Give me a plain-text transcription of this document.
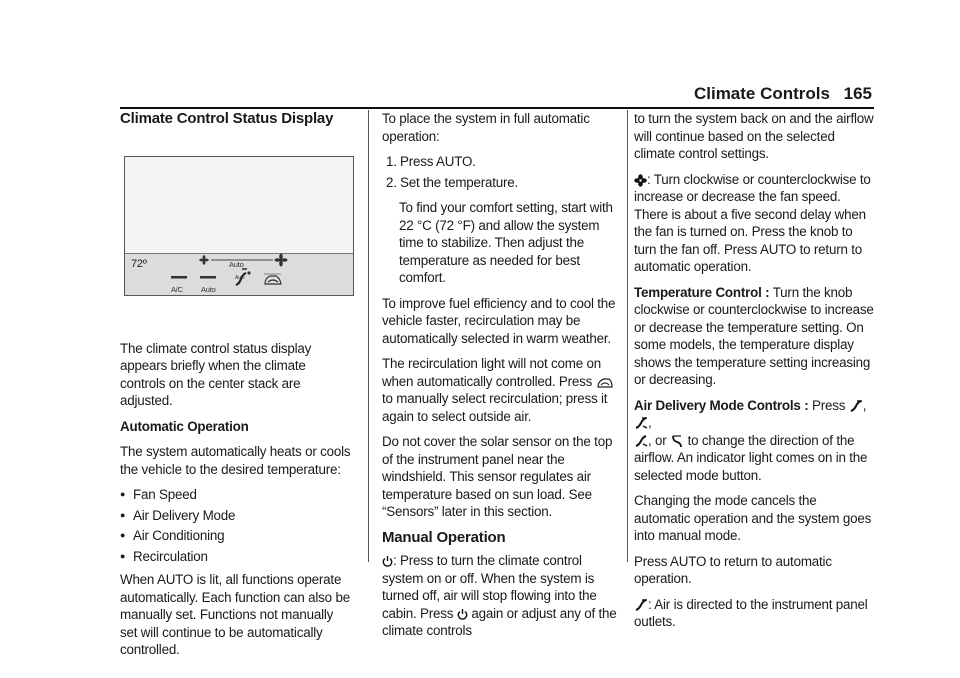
Climate Controls 165
Climate Control Status Display
72º
A/C Auto
Auto
Auto

The climate control status display appears briefly when the climate controls on the center stack are adjusted.

Automatic Operation

The system automatically heats or cools the vehicle to the desired temperature:

● Fan Speed
● Air Delivery Mode
● Air Conditioning
● Recirculation

When AUTO is lit, all functions operate automatically. Each function can also be manually set. Functions not manually set will continue to be automatically controlled.

To place the system in full automatic operation:

1. Press AUTO.
2. Set the temperature.

To find your comfort setting, start with 22 °C (72 °F) and allow the system time to stabilize. Then adjust the temperature as needed for best comfort.

To improve fuel efficiency and to cool the vehicle faster, recirculation may be automatically selected in warm weather.

The recirculation light will not come on when automatically controlled. Press  to manually select recirculation; press it again to select outside air.

Do not cover the solar sensor on the top of the instrument panel near the windshield. This sensor regulates air temperature based on sun load. See “Sensors” later in this section.

Manual Operation

: Press to turn the climate control system on or off. When the system is turned off, air will stop flowing into the cabin. Press again or adjust any of the climate controls

to turn the system back on and the airflow will continue based on the selected climate control settings.

: Turn clockwise or counterclockwise to increase or decrease the fan speed. There is about a five second delay when the fan is turned on. Press the knob to turn the fan off. Press AUTO to return to automatic operation.

Temperature Control : Turn the knob clockwise or counterclockwise to increase or decrease the temperature setting. On some models, the temperature display shows the temperature setting increasing or decreasing.

Air Delivery Mode Controls : Press , ,
, or to change the direction of the airflow. An indicator light comes on in the selected mode button.

Changing the mode cancels the automatic operation and the system goes into manual mode.

Press AUTO to return to automatic operation.

: Air is directed to the instrument panel outlets.
